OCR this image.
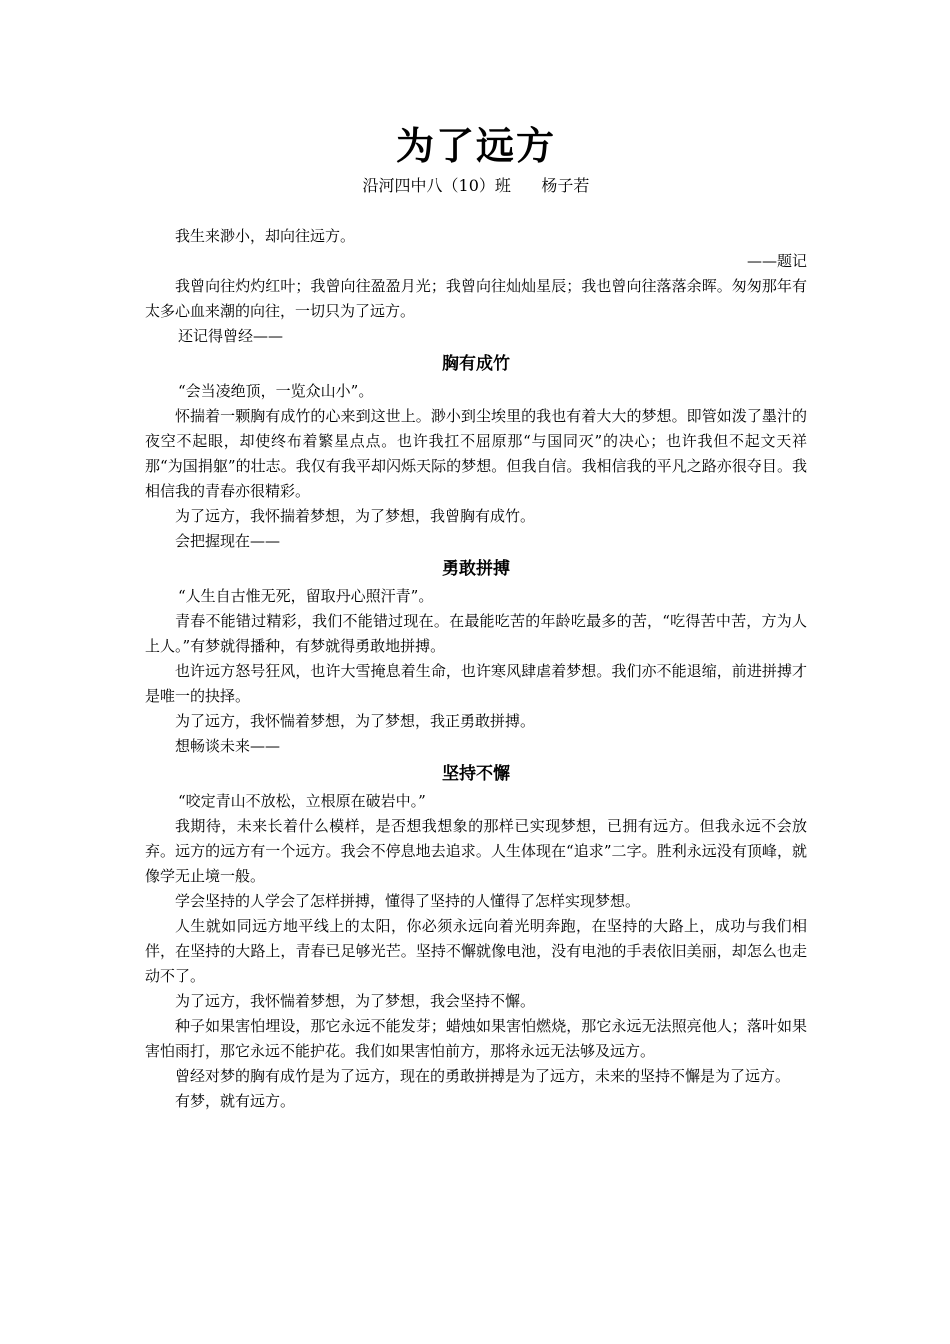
为了远方

沿河四中八（10）班      杨子若

我生来渺小，却向往远方。

——题记

我曾向往灼灼红叶；我曾向往盈盈月光；我曾向往灿灿星辰；我也曾向往落落余晖。匆匆那年有太多心血来潮的向往，一切只为了远方。

还记得曾经——

胸有成竹

“会当凌绝顶，一览众山小”。

怀揣着一颗胸有成竹的心来到这世上。渺小到尘埃里的我也有着大大的梦想。即管如泼了墨汁的夜空不起眼，却使终布着繁星点点。也许我扛不屈原那“与国同灭”的决心；也许我但不起文天祥那“为国捐躯”的壮志。我仅有我平却闪烁天际的梦想。但我自信。我相信我的平凡之路亦很夺目。我相信我的青春亦很精彩。

为了远方，我怀揣着梦想，为了梦想，我曾胸有成竹。

会把握现在——

勇敢拼搏

“人生自古惟无死，留取丹心照汗青”。

青春不能错过精彩，我们不能错过现在。在最能吃苦的年龄吃最多的苦，“吃得苦中苦，方为人上人。”有梦就得播种，有梦就得勇敢地拼搏。

也许远方怒号狂风，也许大雪掩息着生命，也许寒风肆虐着梦想。我们亦不能退缩，前进拼搏才是唯一的抉择。

为了远方，我怀惴着梦想，为了梦想，我正勇敢拼搏。

想畅谈未来——

坚持不懈

“咬定青山不放松，立根原在破岩中。”

我期待，未来长着什么模样，是否想我想象的那样已实现梦想，已拥有远方。但我永远不会放弃。远方的远方有一个远方。我会不停息地去追求。人生体现在“追求”二字。胜利永远没有顶峰，就像学无止境一般。

学会坚持的人学会了怎样拼搏，懂得了坚持的人懂得了怎样实现梦想。

人生就如同远方地平线上的太阳，你必须永远向着光明奔跑，在坚持的大路上，成功与我们相伴，在坚持的大路上，青春已足够光芒。坚持不懈就像电池，没有电池的手表依旧美丽，却怎么也走动不了。

为了远方，我怀惴着梦想，为了梦想，我会坚持不懈。

种子如果害怕埋设，那它永远不能发芽；蜡烛如果害怕燃烧，那它永远无法照亮他人；落叶如果害怕雨打，那它永远不能护花。我们如果害怕前方，那将永远无法够及远方。

曾经对梦的胸有成竹是为了远方，现在的勇敢拼搏是为了远方，未来的坚持不懈是为了远方。

有梦，就有远方。
